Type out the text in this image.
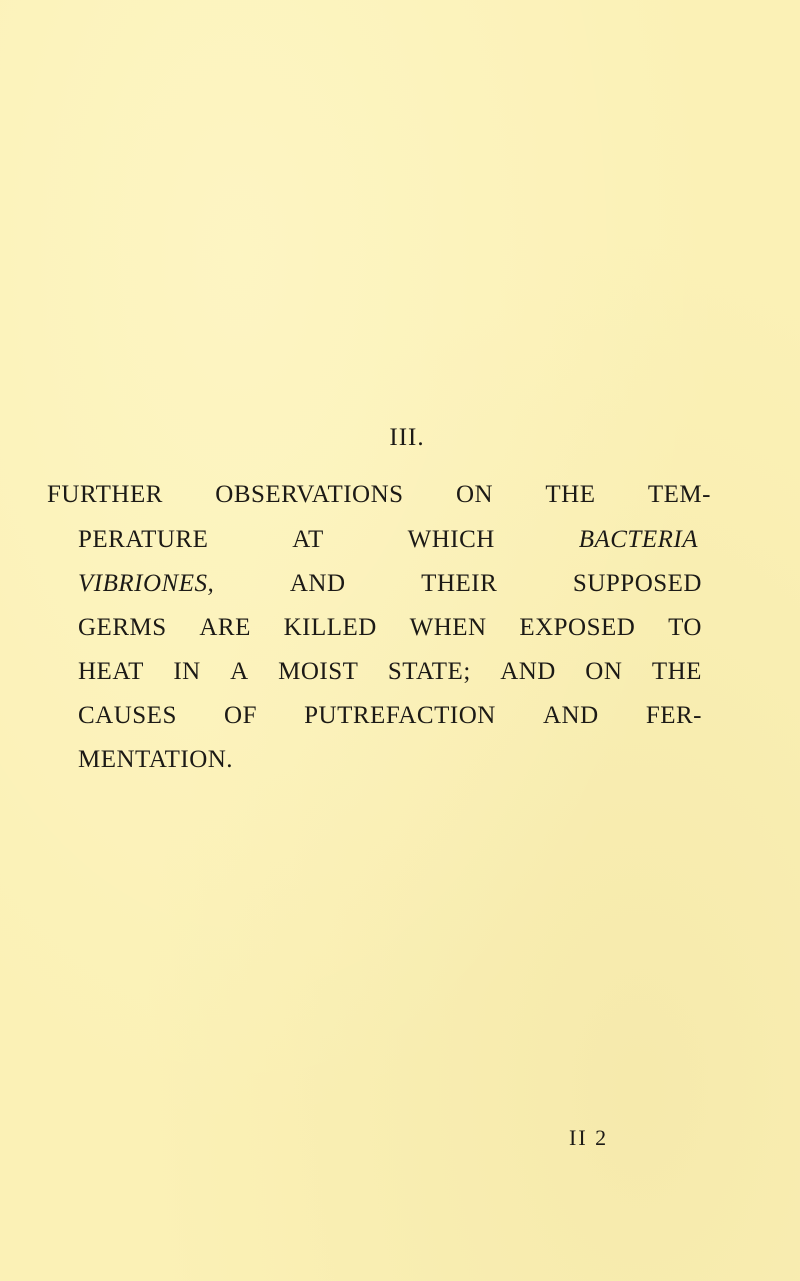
III.
FURTHER OBSERVATIONS ON THE TEM-
PERATURE	AT	WHICH	BACTERIA
VIBRIONES,	AND	THEIR	SUPPOSED
GERMS ARE KILLED WHEN EXPOSED TO
HEAT IN A MOIST STATE; AND ON THE
CAUSES OF PUTREFACTION AND FER-
MENTATION.
II 2
